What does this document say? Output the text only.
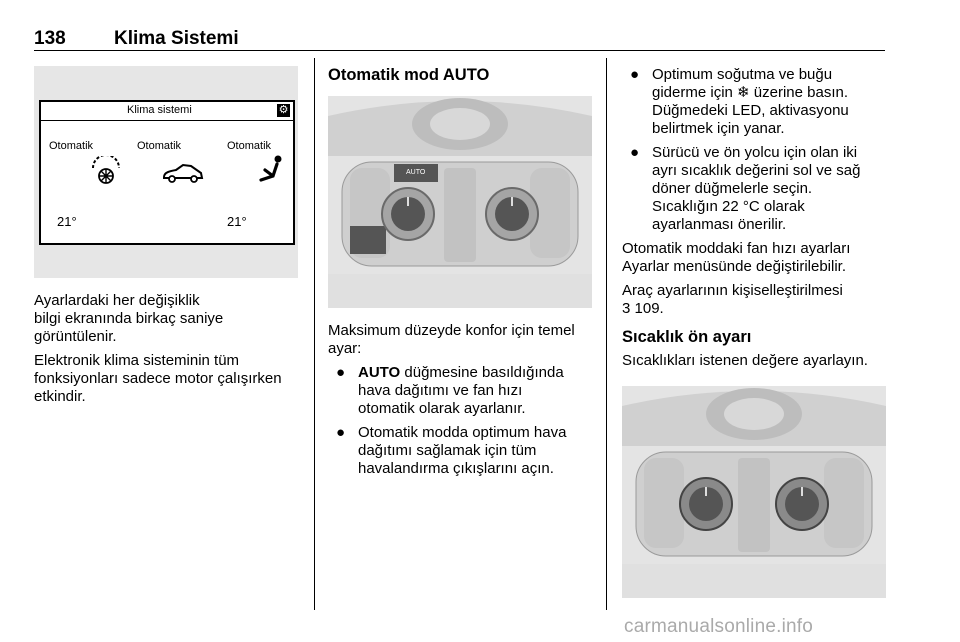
138	Klima Sistemi
Klima sistemi	⚙
Otomatik	Otomatik	Otomatik
21°	21°

Ayarlardaki her değişiklik
bilgi ekranında birkaç saniye
görüntülenir.

Elektronik klima sisteminin tüm
fonksiyonları sadece motor çalışırken
etkindir.

Otomatik mod AUTO
AUTO

Maksimum düzeyde konfor için temel
ayar:

● AUTO düğmesine basıldığında
hava dağıtımı ve fan hızı
otomatik olarak ayarlanır.
● Otomatik modda optimum hava
dağıtımı sağlamak için tüm
havalandırma çıkışlarını açın.
● Optimum soğutma ve buğu
giderme için ❄ üzerine basın.
Düğmedeki LED, aktivasyonu
belirtmek için yanar.
● Sürücü ve ön yolcu için olan iki
ayrı sıcaklık değerini sol ve sağ
döner düğmelerle seçin.
Sıcaklığın 22 °C olarak
ayarlanması önerilir.

Otomatik moddaki fan hızı ayarları
Ayarlar menüsünde değiştirilebilir.

Araç ayarlarının kişiselleştirilmesi
3 109.

Sıcaklık ön ayarı

Sıcaklıkları istenen değere ayarlayın.

carmanualsonline.info
